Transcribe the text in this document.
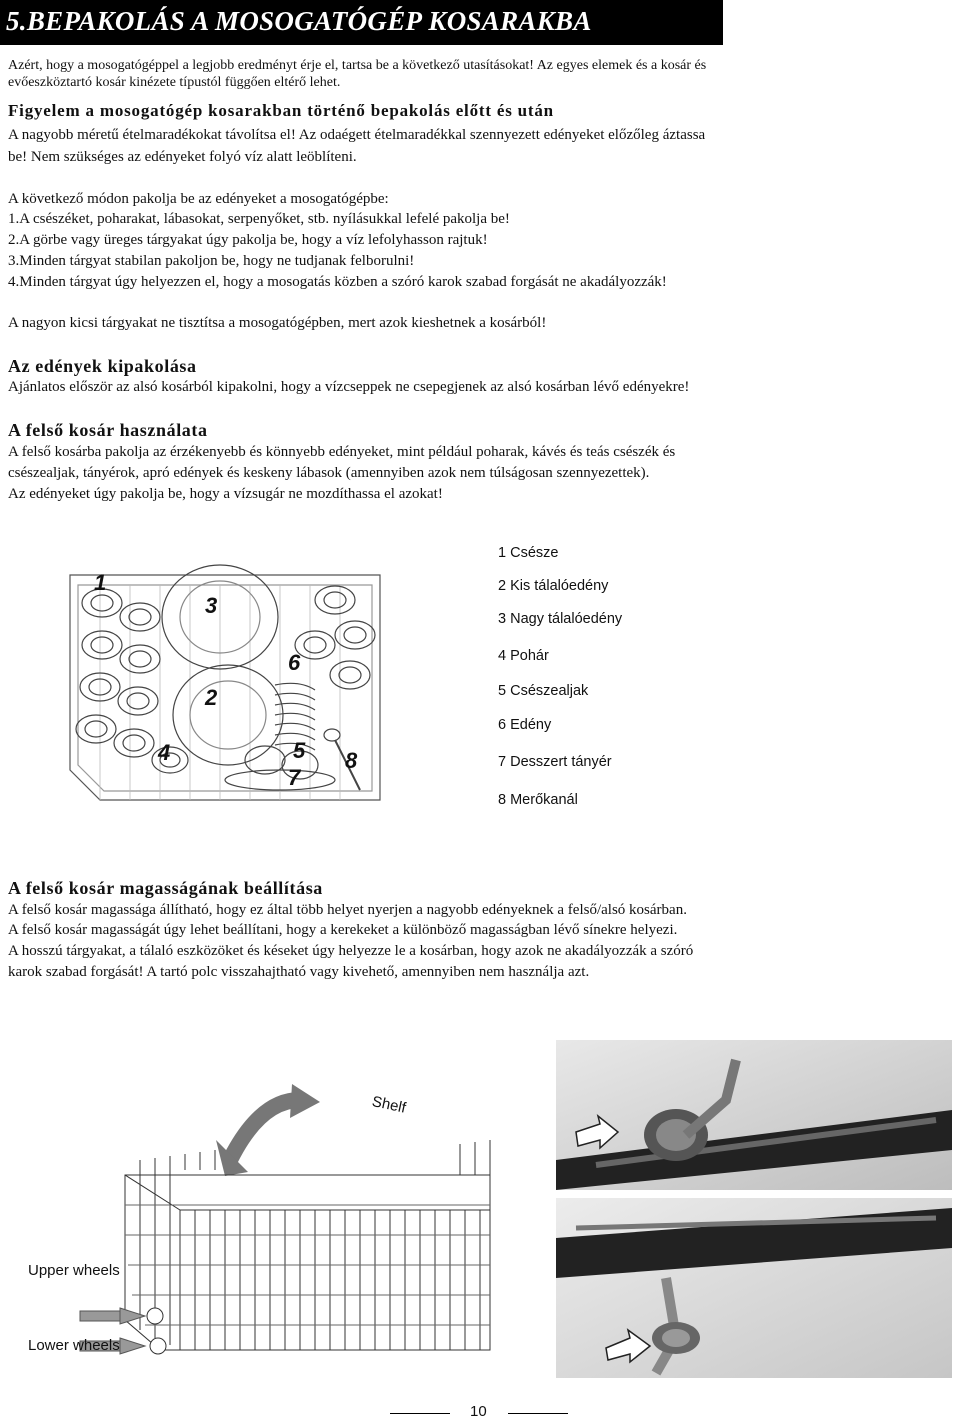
5.BEPAKOLÁS A MOSOGATÓGÉP KOSARAKBA
Azért, hogy a mosogatógéppel a legjobb eredményt érje el, tartsa be a következő utasításokat! Az egyes elemek és a kosár és
evőeszköztartó kosár kinézete típustól függően eltérő lehet.
Figyelem a mosogatógép kosarakban történő bepakolás előtt és után
A nagyobb méretű ételmaradékokat távolítsa el! Az odaégett ételmaradékkal szennyezett edényeket előzőleg áztassa
be! Nem szükséges az edényeket folyó víz alatt leöblíteni.
A következő módon pakolja be az edényeket a mosogatógépbe:
1.A csészéket, poharakat, lábasokat, serpenyőket, stb. nyílásukkal lefelé pakolja be!
2.A görbe vagy üreges tárgyakat úgy pakolja be, hogy a víz lefolyhasson rajtuk!
3.Minden tárgyat stabilan pakoljon be, hogy ne tudjanak felborulni!
4.Minden tárgyat úgy helyezzen el, hogy a mosogatás közben a szóró karok szabad forgását ne akadályozzák!
A nagyon kicsi tárgyakat ne tisztítsa a mosogatógépben, mert azok kieshetnek a kosárból!
Az edények kipakolása
Ajánlatos először az alsó kosárból kipakolni, hogy a vízcseppek ne csepegjenek az alsó kosárban lévő edényekre!
A felső kosár használata
A felső kosárba pakolja az érzékenyebb és könnyebb edényeket, mint például poharak, kávés és teás csészék és
csészealjak, tányérok, apró edények és keskeny lábasok (amennyiben azok nem túlságosan szennyezettek).
Az edényeket úgy pakolja be, hogy a vízsugár ne mozdíthassa el azokat!
1
3
6
2
4	5 8
7
1 Csésze
2 Kis tálalóedény
3 Nagy tálalóedény
4 Pohár
5 Csészealjak
6 Edény
7 Desszert tányér
8 Merőkanál
A felső kosár magasságának beállítása
A felső kosár magassága állítható, hogy ez által több helyet nyerjen a nagyobb edényeknek a felső/alsó kosárban.
A felső kosár magasságát úgy lehet beállítani, hogy a kerekeket a különböző magasságban lévő sínekre helyezi.
A hosszú tárgyakat, a tálaló eszközöket és késeket úgy helyezze le a kosárban, hogy azok ne akadályozzák a szóró
karok szabad forgását! A tartó polc visszahajtható vagy kivehető, amennyiben nem használja azt.
Shelf
Upper wheels
Lower wheels
10
